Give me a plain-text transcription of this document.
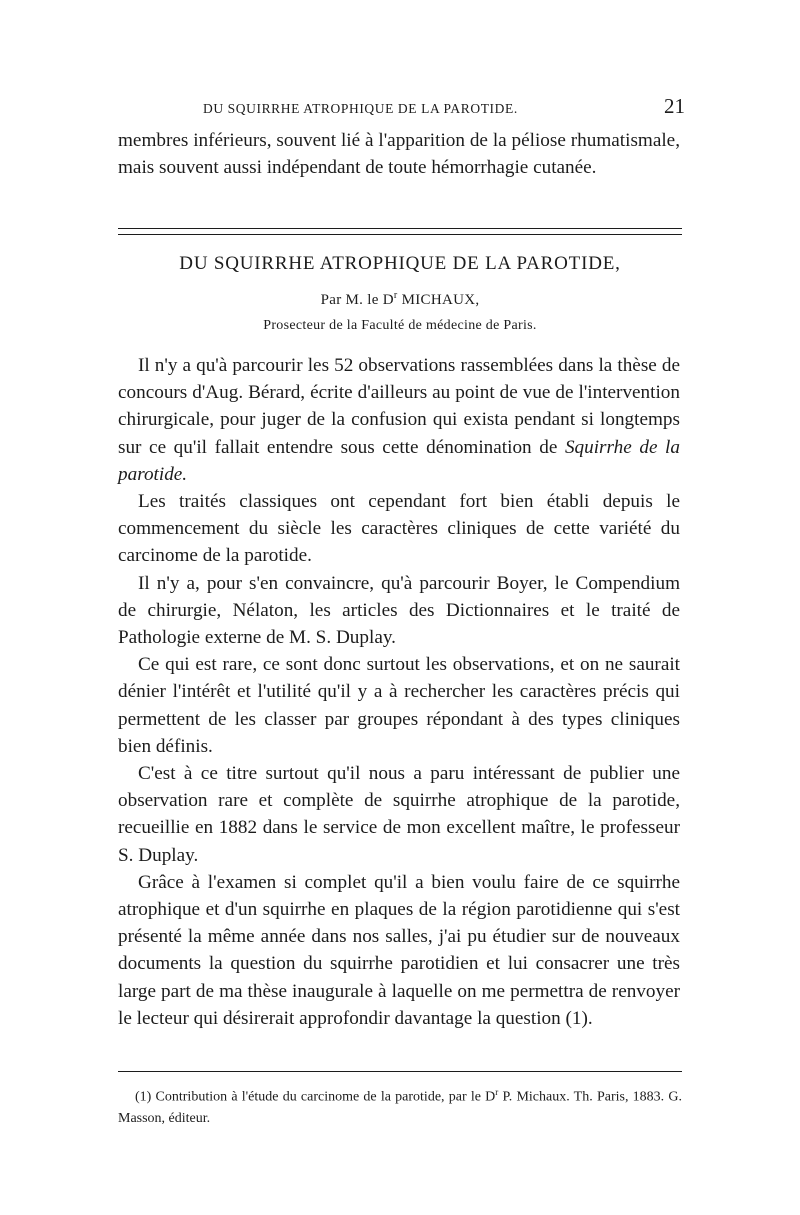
DU SQUIRRHE ATROPHIQUE DE LA PAROTIDE.	21
membres inférieurs, souvent lié à l'apparition de la péliose rhumatismale, mais souvent aussi indépendant de toute hémorrhagie cutanée.
DU SQUIRRHE ATROPHIQUE DE LA PAROTIDE,
Par M. le $D^r$ MICHAUX,
Prosecteur de la Faculté de médecine de Paris.

Il n'y a qu'à parcourir les 52 observations rassemblées dans la thèse de concours d'Aug. Bérard, écrite d'ailleurs au point de vue de l'intervention chirurgicale, pour juger de la confusion qui exista pendant si longtemps sur ce qu'il fallait entendre sous cette dénomination de Squirrhe de la parotide.

Les traités classiques ont cependant fort bien établi depuis le commencement du siècle les caractères cliniques de cette variété du carcinome de la parotide.

Il n'y a, pour s'en convaincre, qu'à parcourir Boyer, le Compendium de chirurgie, Nélaton, les articles des Dictionnaires et le traité de Pathologie externe de M. S. Duplay.

Ce qui est rare, ce sont donc surtout les observations, et on ne saurait dénier l'intérêt et l'utilité qu'il y a à rechercher les caractères précis qui permettent de les classer par groupes répondant à des types cliniques bien définis.

C'est à ce titre surtout qu'il nous a paru intéressant de publier une observation rare et complète de squirrhe atrophique de la parotide, recueillie en 1882 dans le service de mon excellent maître, le professeur S. Duplay.

Grâce à l'examen si complet qu'il a bien voulu faire de ce squirrhe atrophique et d'un squirrhe en plaques de la région parotidienne qui s'est présenté la même année dans nos salles, j'ai pu étudier sur de nouveaux documents la question du squirrhe parotidien et lui consacrer une très large part de ma thèse inaugurale à laquelle on me permettra de renvoyer le lecteur qui désirerait approfondir davantage la question (1).

(1) Contribution à l'étude du carcinome de la parotide, par le $D^r$ P. Michaux. Th. Paris, 1883. G. Masson, éditeur.
